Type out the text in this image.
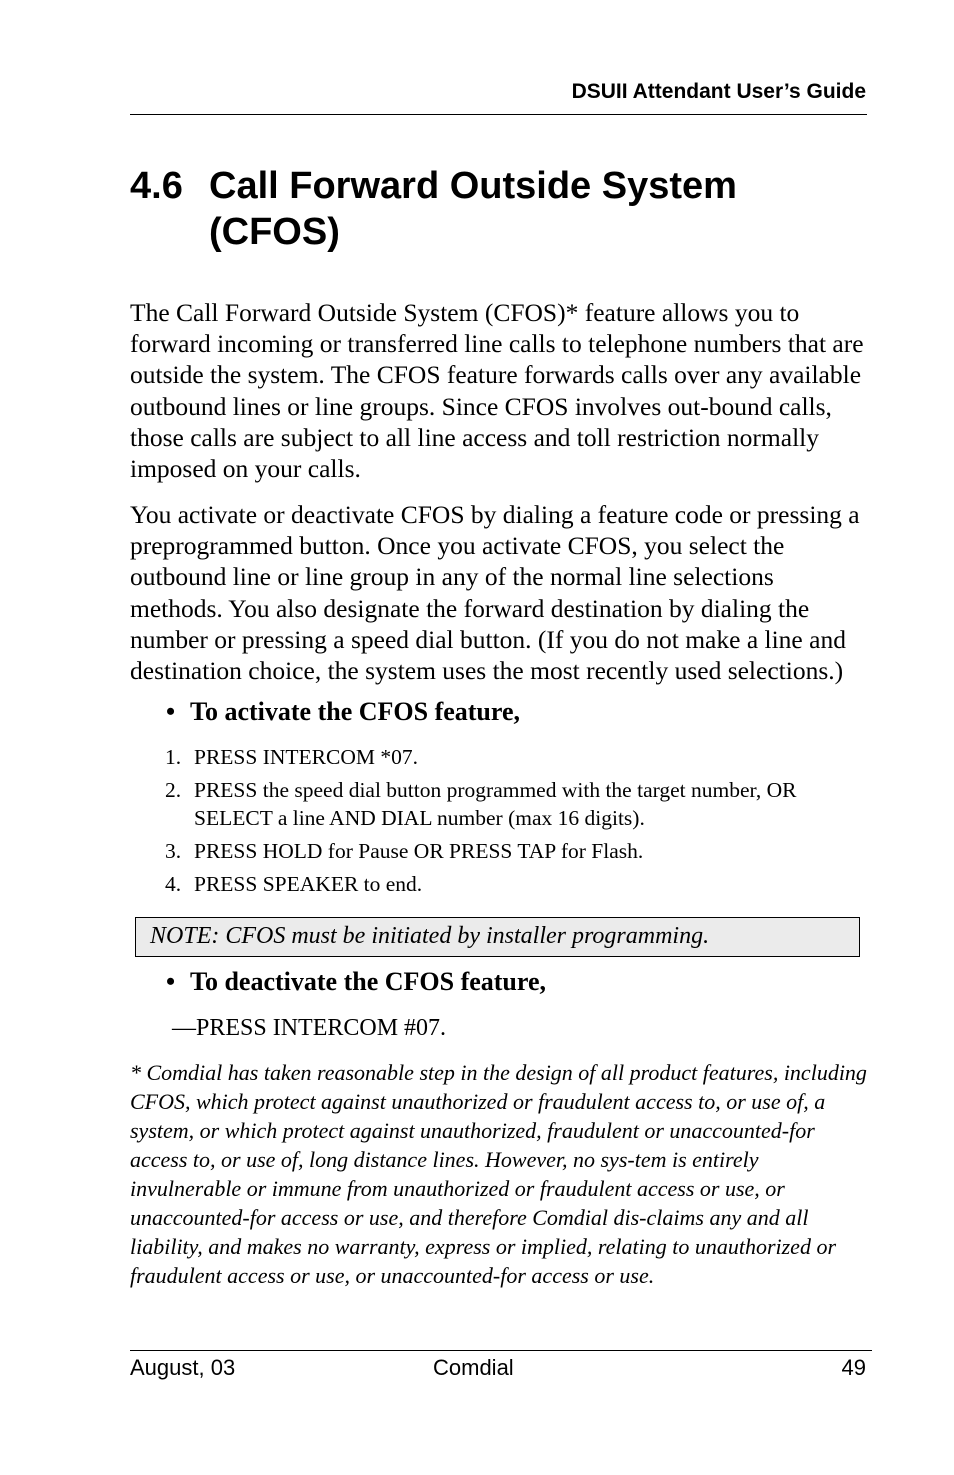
DSUII Attendant User’s Guide
4.6 Call Forward Outside System
(CFOS)

The Call Forward Outside System (CFOS)* feature allows you to forward incoming or transferred line calls to telephone numbers that are outside the system. The CFOS feature forwards calls over any available outbound lines or line groups. Since CFOS involves out-bound calls, those calls are subject to all line access and toll restriction normally imposed on your calls.

You activate or deactivate CFOS by dialing a feature code or pressing a preprogrammed button. Once you activate CFOS, you select the outbound line or line group in any of the normal line selections methods. You also designate the forward destination by dialing the number or pressing a speed dial button. (If you do not make a line and destination choice, the system uses the most recently used selections.)

• To activate the CFOS feature,
1. PRESS INTERCOM *07.
2. PRESS the speed dial button programmed with the target number, OR SELECT a line AND DIAL number (max 16 digits).
3. PRESS HOLD for Pause OR PRESS TAP for Flash.
4. PRESS SPEAKER to end.
NOTE: CFOS must be initiated by installer programming.
• To deactivate the CFOS feature,
—PRESS INTERCOM #07.

* Comdial has taken reasonable step in the design of all product features, including CFOS, which protect against unauthorized or fraudulent access to, or use of, a system, or which protect against unauthorized, fraudulent or unaccounted-for access to, or use of, long distance lines. However, no sys-tem is entirely invulnerable or immune from unauthorized or fraudulent access or use, or unaccounted-for access or use, and therefore Comdial dis-claims any and all liability, and makes no warranty, express or implied, relating to unauthorized or fraudulent access or use, or unaccounted-for access or use.

August, 03	Comdial	49
